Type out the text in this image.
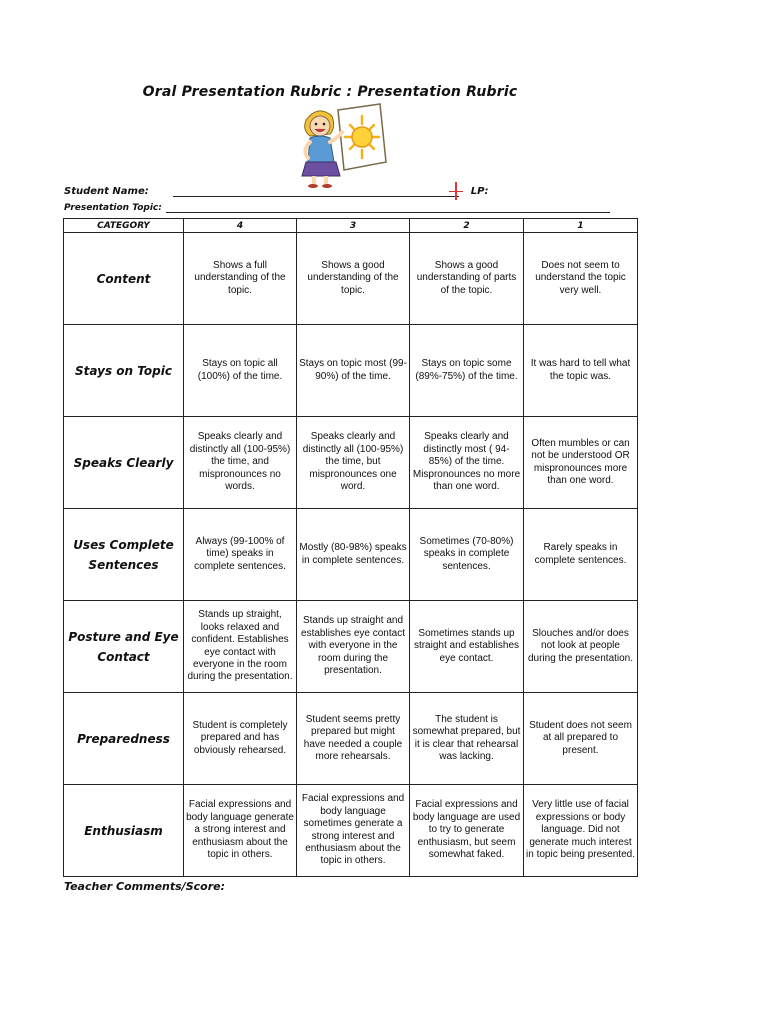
Oral Presentation Rubric : Presentation Rubric
Student Name:	LP:
Presentation Topic:
CATEGORY	4	3	2	1
Content	Shows a full understanding of the topic.	Shows a good understanding of the topic.	Shows a good understanding of parts of the topic.	Does not seem to understand the topic very well.
Stays on Topic	Stays on topic all (100%) of the time.	Stays on topic most (99-90%) of the time.	Stays on topic some (89%-75%) of the time.	It was hard to tell what the topic was.
Speaks Clearly	Speaks clearly and distinctly all (100-95%) the time, and mispronounces no words.	Speaks clearly and distinctly all (100-95%) the time, but mispronounces one word.	Speaks clearly and distinctly most ( 94-85%) of the time. Mispronounces no more than one word.	Often mumbles or can not be understood OR mispronounces more than one word.
Uses Complete Sentences	Always (99-100% of time) speaks in complete sentences.	Mostly (80-98%) speaks in complete sentences.	Sometimes (70-80%) speaks in complete sentences.	Rarely speaks in complete sentences.
Posture and Eye Contact	Stands up straight, looks relaxed and confident. Establishes eye contact with everyone in the room during the presentation.	Stands up straight and establishes eye contact with everyone in the room during the presentation.	Sometimes stands up straight and establishes eye contact.	Slouches and/or does not look at people during the presentation.
Preparedness	Student is completely prepared and has obviously rehearsed.	Student seems pretty prepared but might have needed a couple more rehearsals.	The student is somewhat prepared, but it is clear that rehearsal was lacking.	Student does not seem at all prepared to present.
Enthusiasm	Facial expressions and body language generate a strong interest and enthusiasm about the topic in others.	Facial expressions and body language sometimes generate a strong interest and enthusiasm about the topic in others.	Facial expressions and body language are used to try to generate enthusiasm, but seem somewhat faked.	Very little use of facial expressions or body language. Did not generate much interest in topic being presented.
Teacher Comments/Score:
